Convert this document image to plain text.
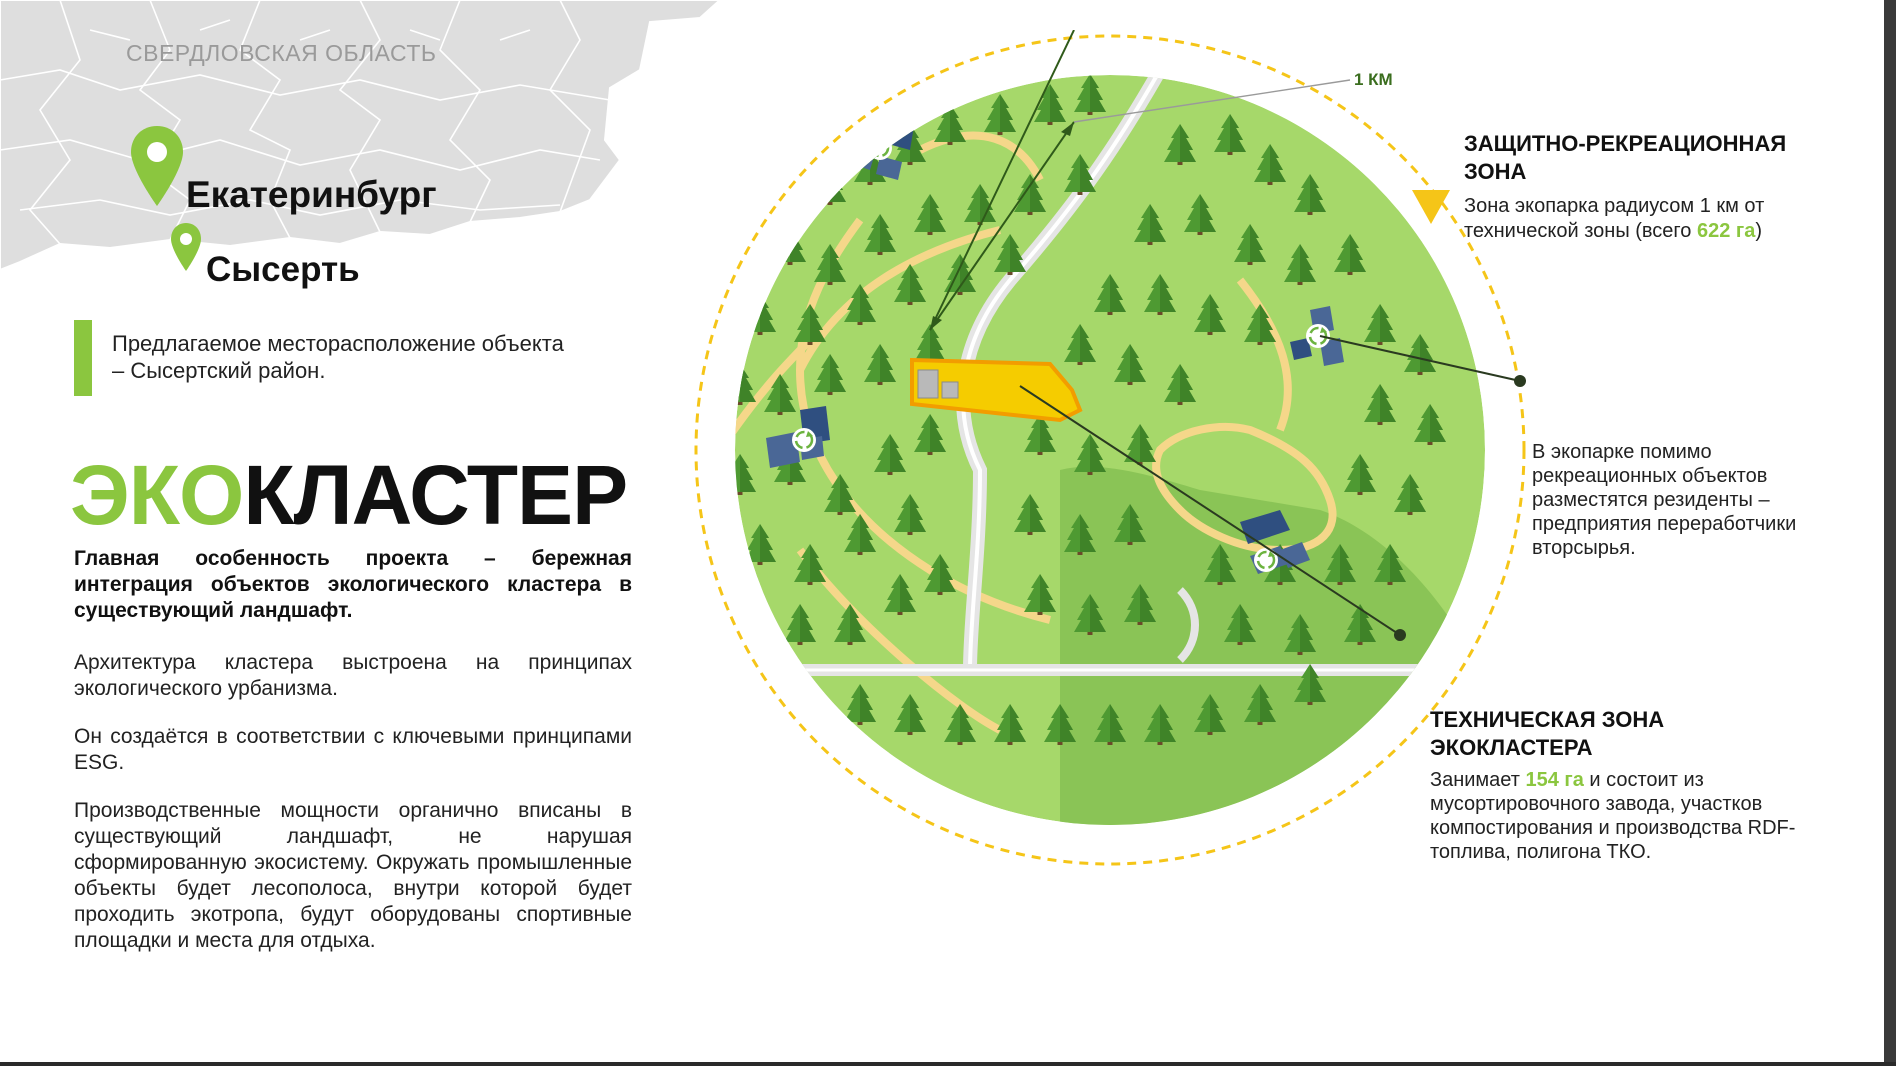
СВЕРДЛОВСКАЯ ОБЛАСТЬ
Екатеринбург
Сысерть
Предлагаемое месторасположение объекта – Сысертский район.
ЭКОКЛАСТЕР
Главная особенность проекта – бережная интеграция объектов экологического кластера в существующий ландшафт.
Архитектура кластера выстроена на принципах экологического урбанизма.
Он создаётся в соответствии с ключевыми принципами ESG.
Производственные мощности органично вписаны в существующий ландшафт, не нарушая сформированную экосистему. Окружать промышленные объекты будет лесополоса, внутри которой будет проходить экотропа, будут оборудованы спортивные площадки и места для отдыха.
1 КМ
ЗАЩИТНО-РЕКРЕАЦИОННАЯ ЗОНА
Зона экопарка радиусом 1 км от технической зоны (всего 622 га)
В экопарке помимо рекреационных объектов разместятся резиденты – предприятия переработчики вторсырья.
ТЕХНИЧЕСКАЯ ЗОНА ЭКОКЛАСТЕРА
Занимает 154 га и состоит из мусортировочного завода, участков компостирования и производства RDF-топлива, полигона ТКО.
